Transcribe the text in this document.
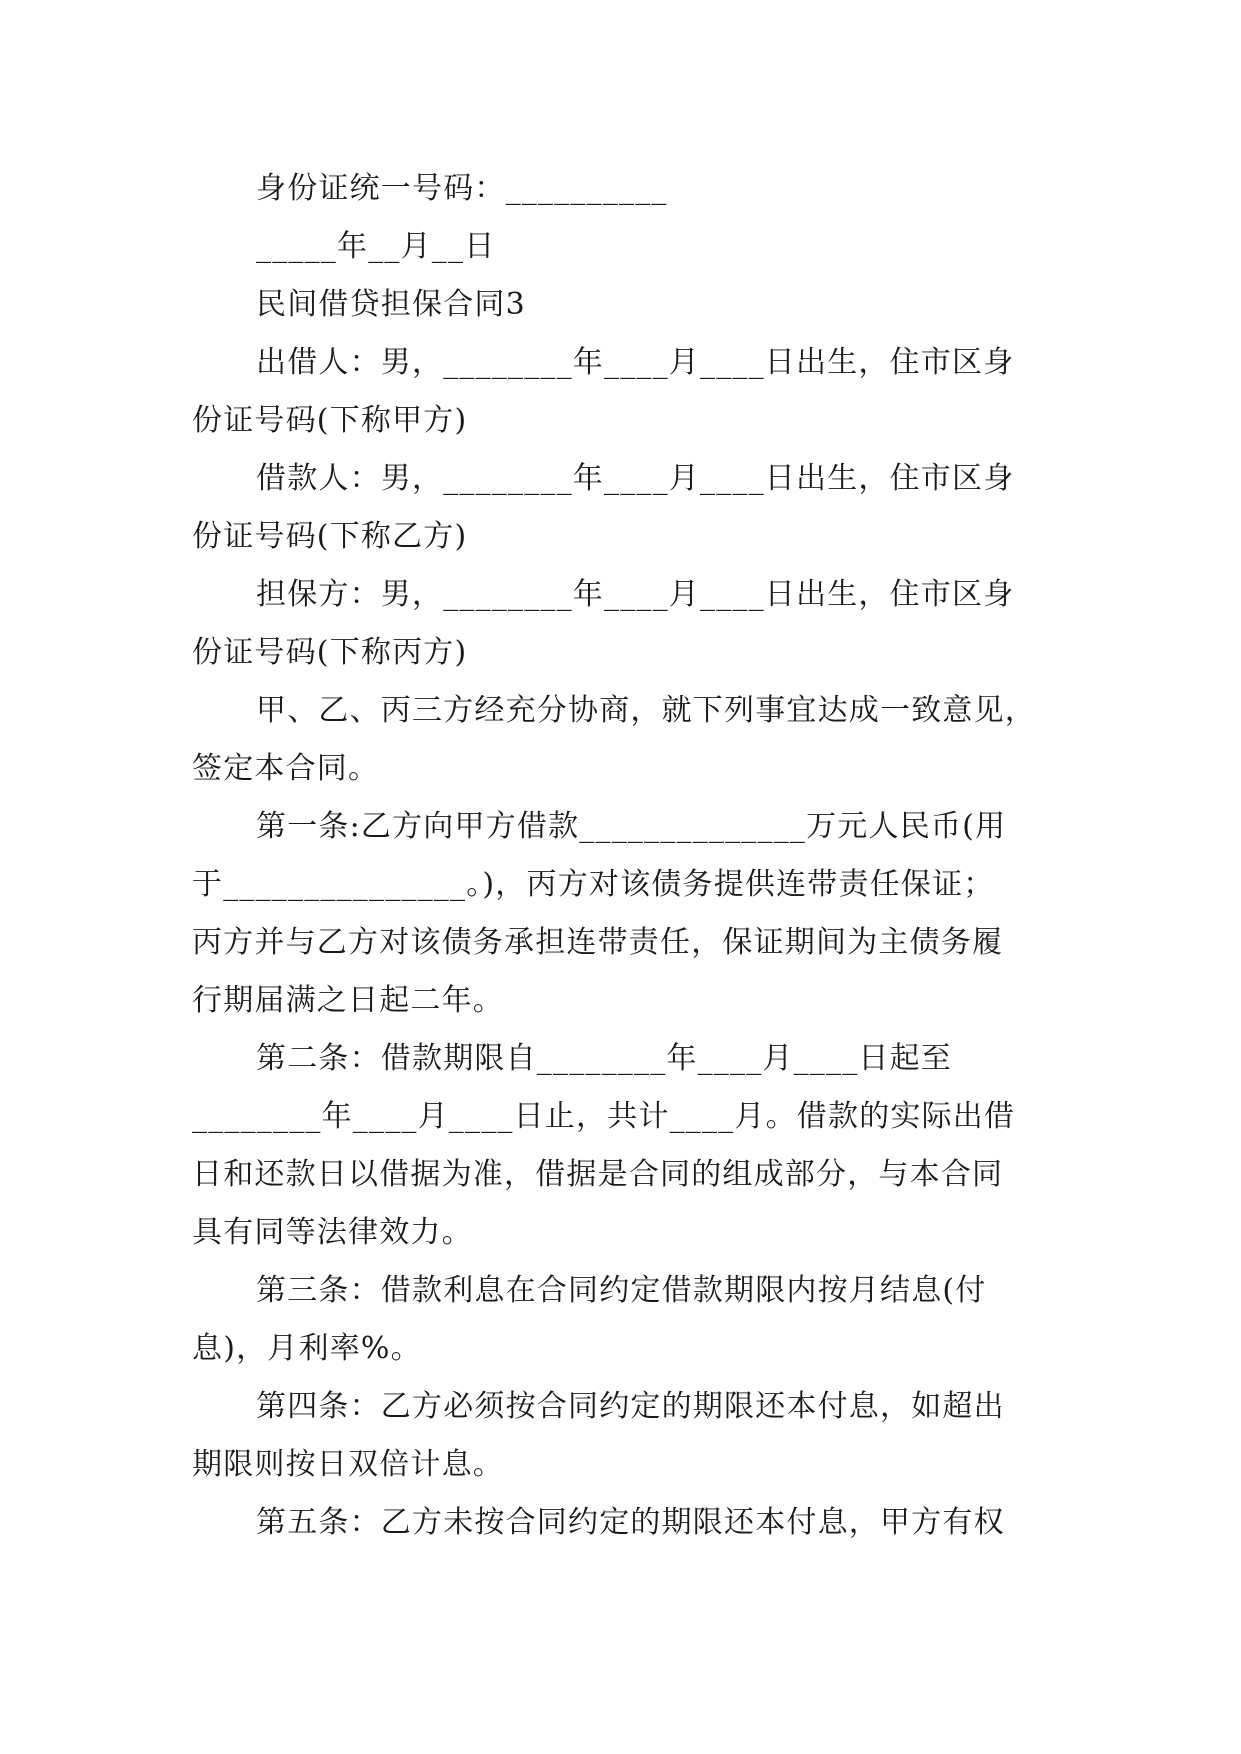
身份证统一号码：__________
_____年__月__日
民间借贷担保合同3
出借人：男，________年____月____日出生，住市区身
份证号码(下称甲方)
借款人：男，________年____月____日出生，住市区身
份证号码(下称乙方)
担保方：男，________年____月____日出生，住市区身
份证号码(下称丙方)
甲、乙、丙三方经充分协商，就下列事宜达成一致意见，
签定本合同。
第一条:乙方向甲方借款______________万元人民币(用
于_______________。)，丙方对该债务提供连带责任保证；
丙方并与乙方对该债务承担连带责任，保证期间为主债务履
行期届满之日起二年。
第二条：借款期限自________年____月____日起至
________年____月____日止，共计____月。借款的实际出借
日和还款日以借据为准，借据是合同的组成部分，与本合同
具有同等法律效力。
第三条：借款利息在合同约定借款期限内按月结息(付
息)，月利率%。
第四条：乙方必须按合同约定的期限还本付息，如超出
期限则按日双倍计息。
第五条：乙方未按合同约定的期限还本付息，甲方有权
